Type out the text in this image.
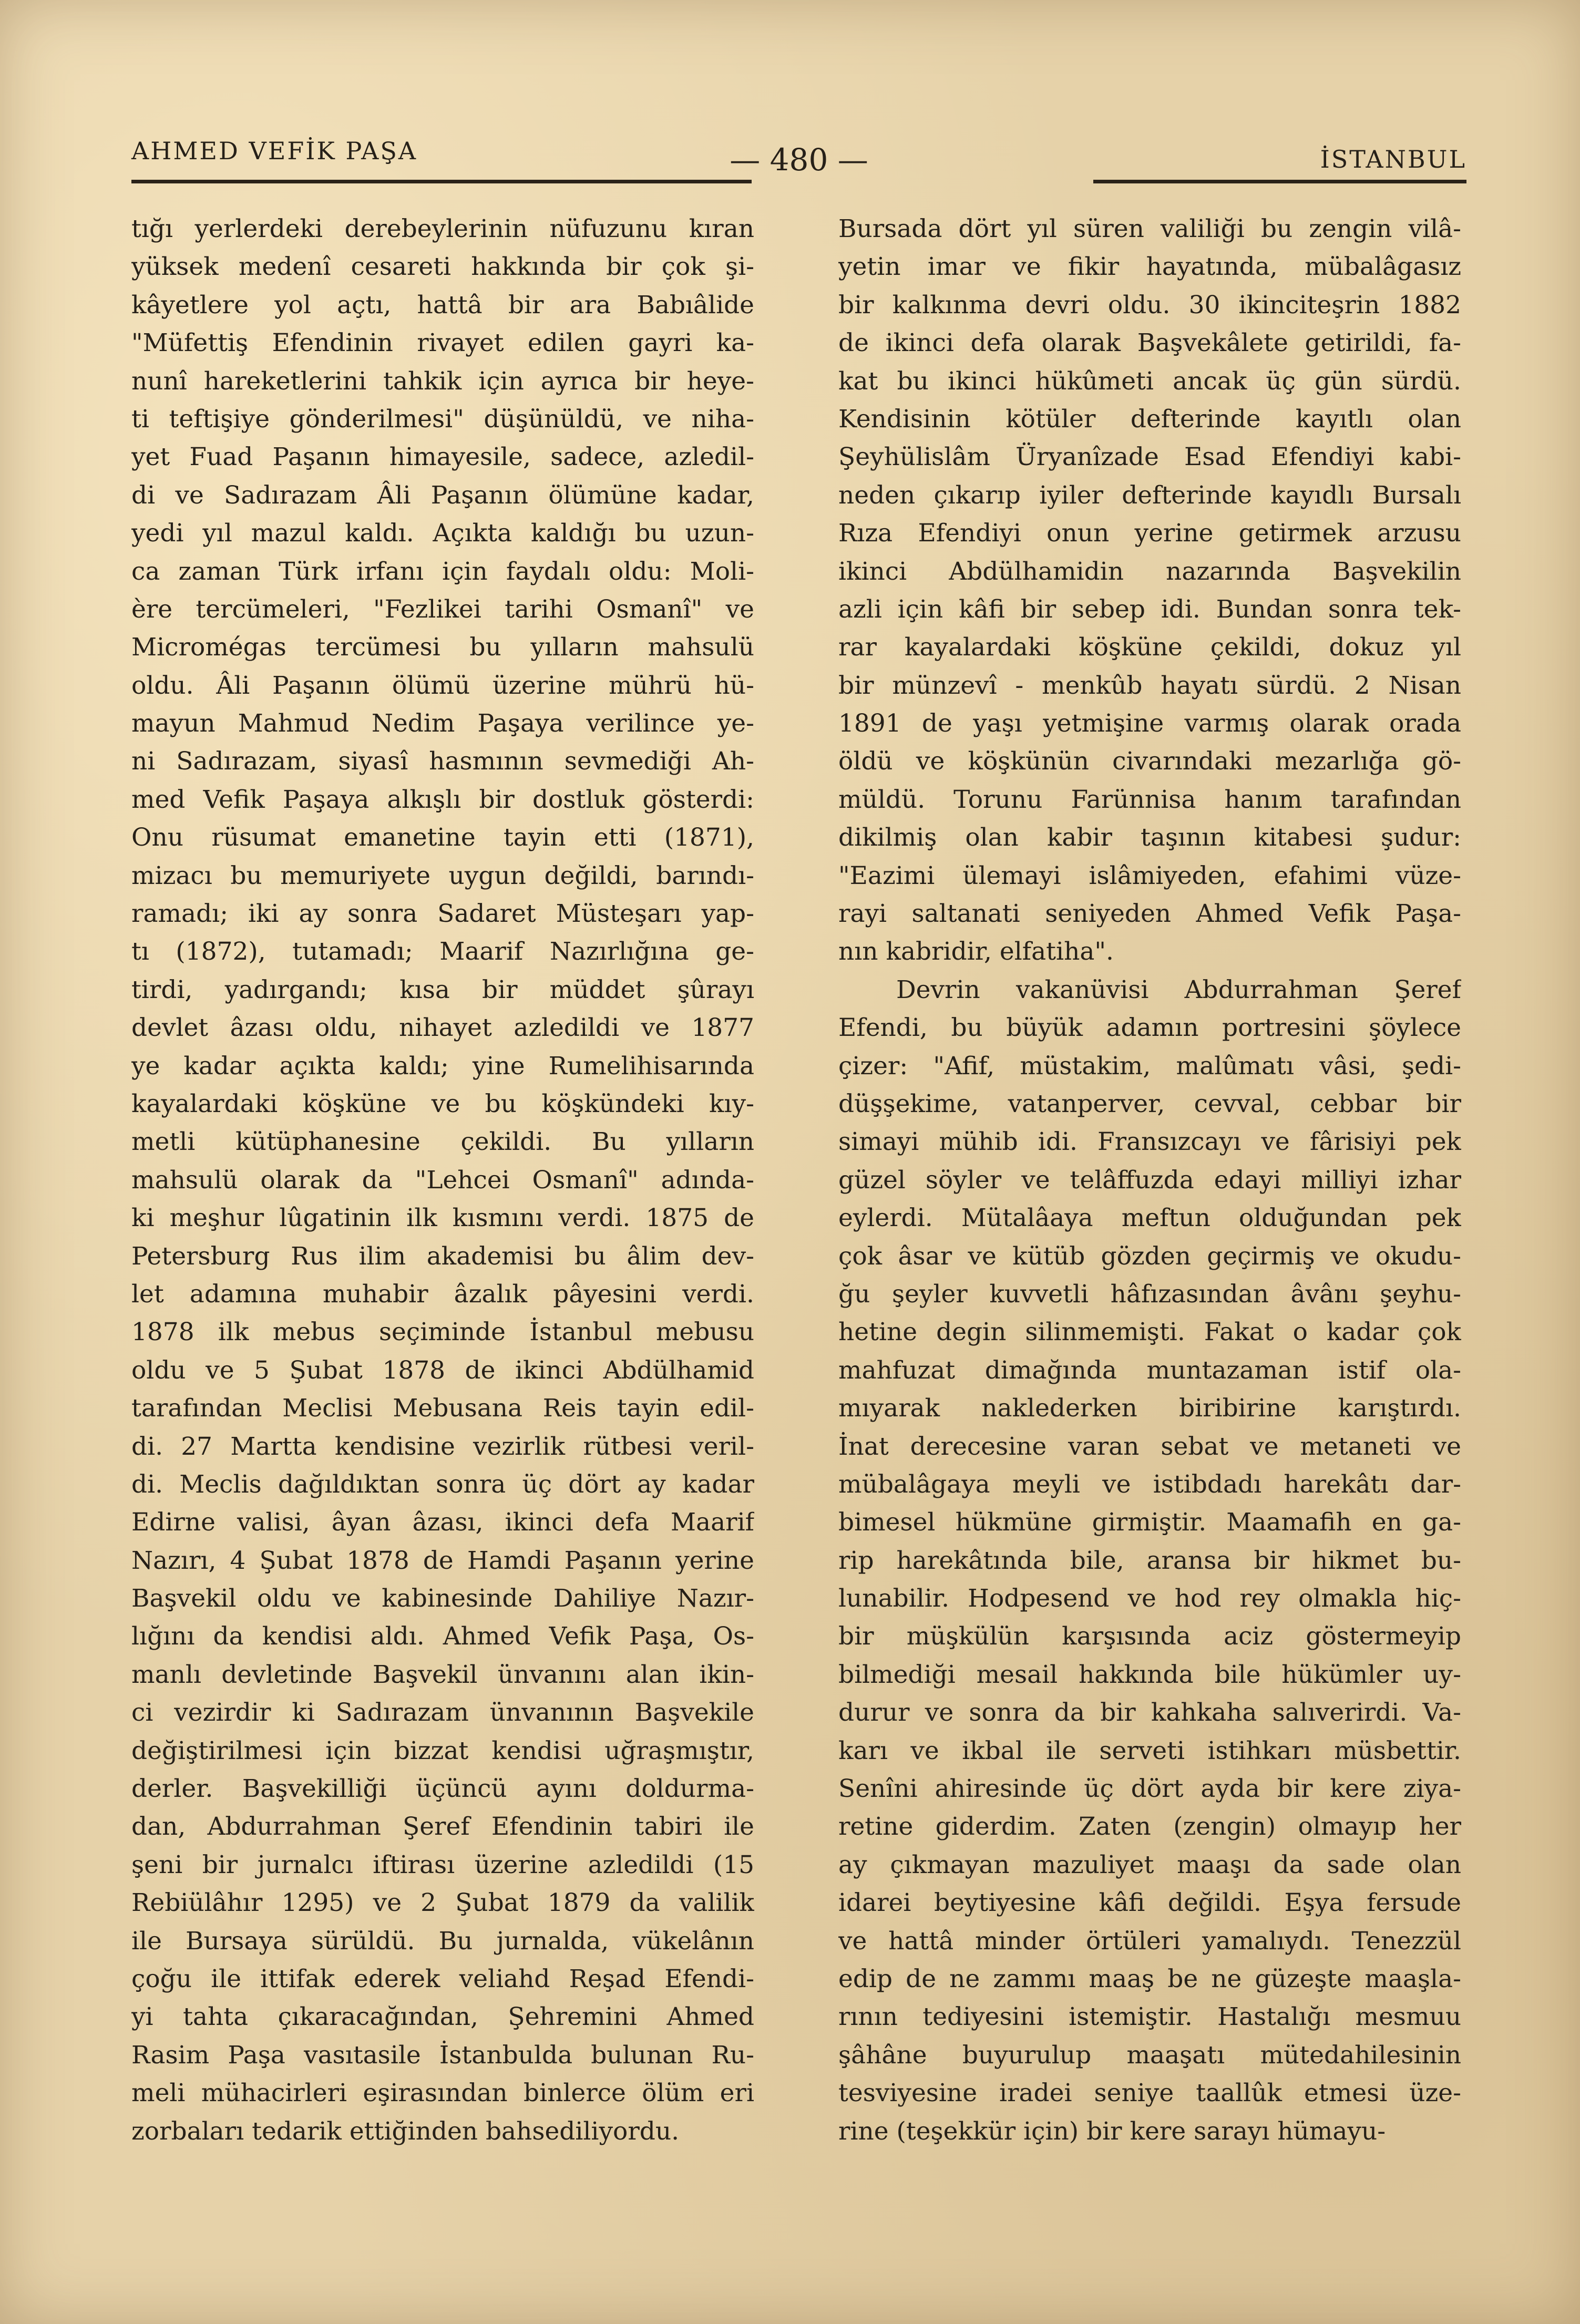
AHMED VEFİK PAŞA	— 480 —	İSTANBUL
tığı yerlerdeki derebeylerinin nüfuzunu kıran
yüksek medenî cesareti hakkında bir çok şi-
kâyetlere yol açtı, hattâ bir ara Babıâlide
"Müfettiş Efendinin rivayet edilen gayri ka-
nunî hareketlerini tahkik için ayrıca bir heye-
ti teftişiye gönderilmesi" düşünüldü, ve niha-
yet Fuad Paşanın himayesile, sadece, azledil-
di ve Sadırazam Âli Paşanın ölümüne kadar,
yedi yıl mazul kaldı. Açıkta kaldığı bu uzun-
ca zaman Türk irfanı için faydalı oldu: Moli-
ère tercümeleri, "Fezlikei tarihi Osmanî" ve
Micromégas tercümesi bu yılların mahsulü
oldu. Âli Paşanın ölümü üzerine mührü hü-
mayun Mahmud Nedim Paşaya verilince ye-
ni Sadırazam, siyasî hasmının sevmediği Ah-
med Vefik Paşaya alkışlı bir dostluk gösterdi:
Onu rüsumat emanetine tayin etti (1871),
mizacı bu memuriyete uygun değildi, barındı-
ramadı; iki ay sonra Sadaret Müsteşarı yap-
tı (1872), tutamadı; Maarif Nazırlığına ge-
tirdi, yadırgandı; kısa bir müddet şûrayı
devlet âzası oldu, nihayet azledildi ve 1877
ye kadar açıkta kaldı; yine Rumelihisarında
kayalardaki köşküne ve bu köşkündeki kıy-
metli kütüphanesine çekildi. Bu yılların
mahsulü olarak da "Lehcei Osmanî" adında-
ki meşhur lûgatinin ilk kısmını verdi. 1875 de
Petersburg Rus ilim akademisi bu âlim dev-
let adamına muhabir âzalık pâyesini verdi.
1878 ilk mebus seçiminde İstanbul mebusu
oldu ve 5 Şubat 1878 de ikinci Abdülhamid
tarafından Meclisi Mebusana Reis tayin edil-
di. 27 Martta kendisine vezirlik rütbesi veril-
di. Meclis dağıldıktan sonra üç dört ay kadar
Edirne valisi, âyan âzası, ikinci defa Maarif
Nazırı, 4 Şubat 1878 de Hamdi Paşanın yerine
Başvekil oldu ve kabinesinde Dahiliye Nazır-
lığını da kendisi aldı. Ahmed Vefik Paşa, Os-
manlı devletinde Başvekil ünvanını alan ikin-
ci vezirdir ki Sadırazam ünvanının Başvekile
değiştirilmesi için bizzat kendisi uğraşmıştır,
derler. Başvekilliği üçüncü ayını doldurma-
dan, Abdurrahman Şeref Efendinin tabiri ile
şeni bir jurnalcı iftirası üzerine azledildi (15
Rebiülâhır 1295) ve 2 Şubat 1879 da valilik
ile Bursaya sürüldü. Bu jurnalda, vükelânın
çoğu ile ittifak ederek veliahd Reşad Efendi-
yi tahta çıkaracağından, Şehremini Ahmed
Rasim Paşa vasıtasile İstanbulda bulunan Ru-
meli mühacirleri eşirasından binlerce ölüm eri
zorbaları tedarik ettiğinden bahsediliyordu.
Bursada dört yıl süren valiliği bu zengin vilâ-
yetin imar ve fikir hayatında, mübalâgasız
bir kalkınma devri oldu. 30 ikinciteşrin 1882
de ikinci defa olarak Başvekâlete getirildi, fa-
kat bu ikinci hükûmeti ancak üç gün sürdü.
Kendisinin kötüler defterinde kayıtlı olan
Şeyhülislâm Üryanîzade Esad Efendiyi kabi-
neden çıkarıp iyiler defterinde kayıdlı Bursalı
Rıza Efendiyi onun yerine getirmek arzusu
ikinci Abdülhamidin nazarında Başvekilin
azli için kâfi bir sebep idi. Bundan sonra tek-
rar kayalardaki köşküne çekildi, dokuz yıl
bir münzevî - menkûb hayatı sürdü. 2 Nisan
1891 de yaşı yetmişine varmış olarak orada
öldü ve köşkünün civarındaki mezarlığa gö-
müldü. Torunu Farünnisa hanım tarafından
dikilmiş olan kabir taşının kitabesi şudur:
"Eazimi ülemayi islâmiyeden, efahimi vüze-
rayi saltanati seniyeden Ahmed Vefik Paşa-
nın kabridir, elfatiha".
Devrin vakanüvisi Abdurrahman Şeref
Efendi, bu büyük adamın portresini şöylece
çizer: "Afif, müstakim, malûmatı vâsi, şedi-
düşşekime, vatanperver, cevval, cebbar bir
simayi mühib idi. Fransızcayı ve fârisiyi pek
güzel söyler ve telâffuzda edayi milliyi izhar
eylerdi. Mütalâaya meftun olduğundan pek
çok âsar ve kütüb gözden geçirmiş ve okudu-
ğu şeyler kuvvetli hâfızasından âvânı şeyhu-
hetine degin silinmemişti. Fakat o kadar çok
mahfuzat dimağında muntazaman istif ola-
mıyarak naklederken biribirine karıştırdı.
İnat derecesine varan sebat ve metaneti ve
mübalâgaya meyli ve istibdadı harekâtı dar-
bimesel hükmüne girmiştir. Maamafih en ga-
rip harekâtında bile, aransa bir hikmet bu-
lunabilir. Hodpesend ve hod rey olmakla hiç-
bir müşkülün karşısında aciz göstermeyip
bilmediği mesail hakkında bile hükümler uy-
durur ve sonra da bir kahkaha salıverirdi. Va-
karı ve ikbal ile serveti istihkarı müsbettir.
Senîni ahiresinde üç dört ayda bir kere ziya-
retine giderdim. Zaten (zengin) olmayıp her
ay çıkmayan mazuliyet maaşı da sade olan
idarei beytiyesine kâfi değildi. Eşya fersude
ve hattâ minder örtüleri yamalıydı. Tenezzül
edip de ne zammı maaş be ne güzeşte maaşla-
rının tediyesini istemiştir. Hastalığı mesmuu
şâhâne buyurulup maaşatı mütedahilesinin
tesviyesine iradei seniye taallûk etmesi üze-
rine (teşekkür için) bir kere sarayı hümayu-
